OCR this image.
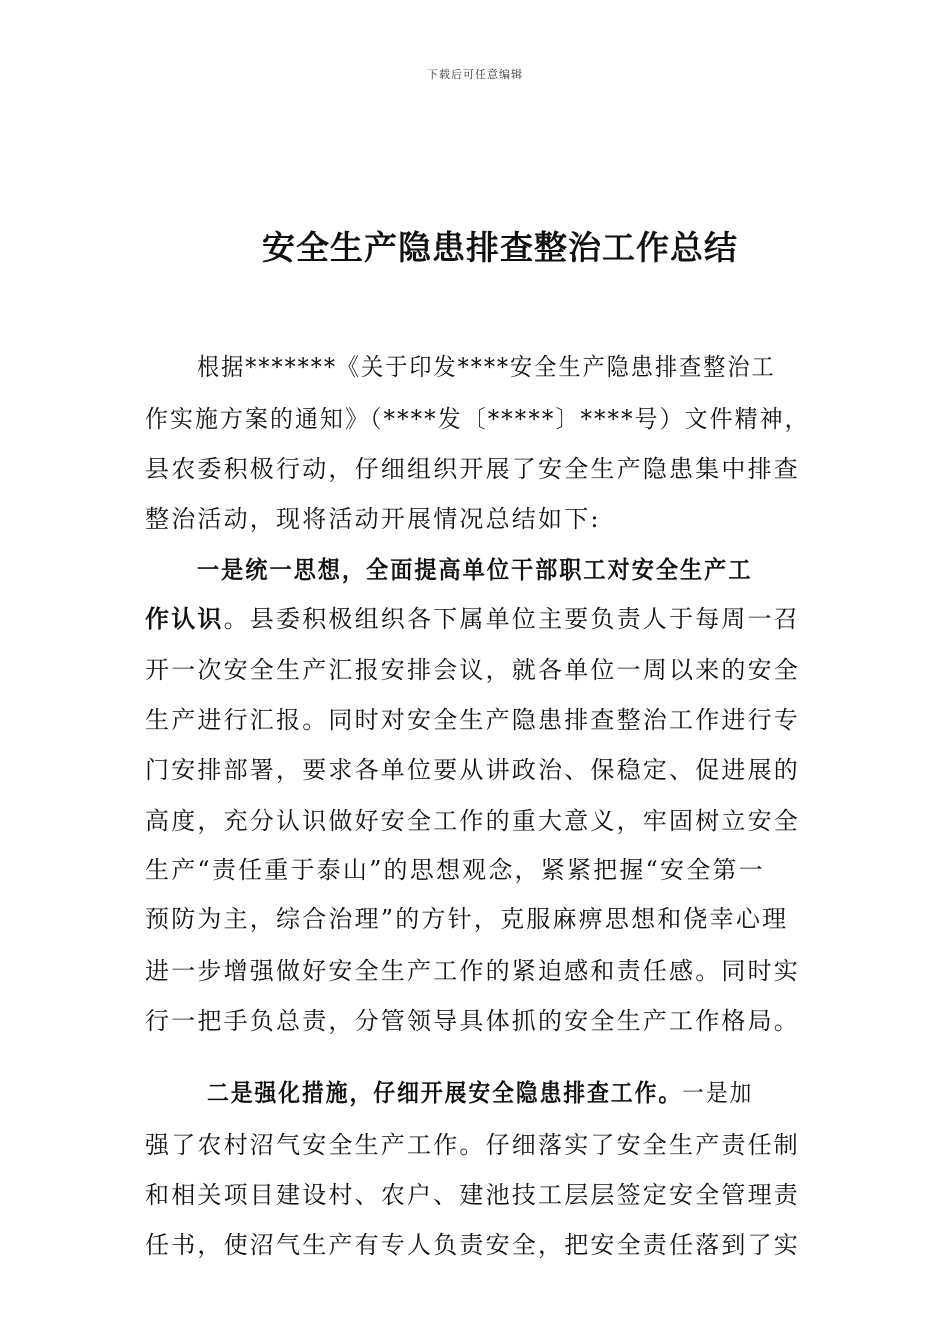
下载后可任意编辑
安全生产隐患排查整治工作总结
根据*******《关于印发****安全生产隐患排查整治工
作实施方案的通知》（****发〔*****〕****号）文件精神，
县农委积极行动，仔细组织开展了安全生产隐患集中排查
整治活动，现将活动开展情况总结如下:
一是统一思想，全面提高单位干部职工对安全生产工
作认识。县委积极组织各下属单位主要负责人于每周一召
开一次安全生产汇报安排会议，就各单位一周以来的安全
生产进行汇报。同时对安全生产隐患排查整治工作进行专
门安排部署，要求各单位要从讲政治、保稳定、促进展的
高度，充分认识做好安全工作的重大意义，牢固树立安全
生产“责任重于泰山”的思想观念，紧紧把握“安全第一
预防为主，综合治理”的方针，克服麻痹思想和侥幸心理
进一步增强做好安全生产工作的紧迫感和责任感。同时实
行一把手负总责，分管领导具体抓的安全生产工作格局。
二是强化措施，仔细开展安全隐患排查工作。一是加
强了农村沼气安全生产工作。仔细落实了安全生产责任制
和相关项目建设村、农户、建池技工层层签定安全管理责
任书，使沼气生产有专人负责安全，把安全责任落到了实
